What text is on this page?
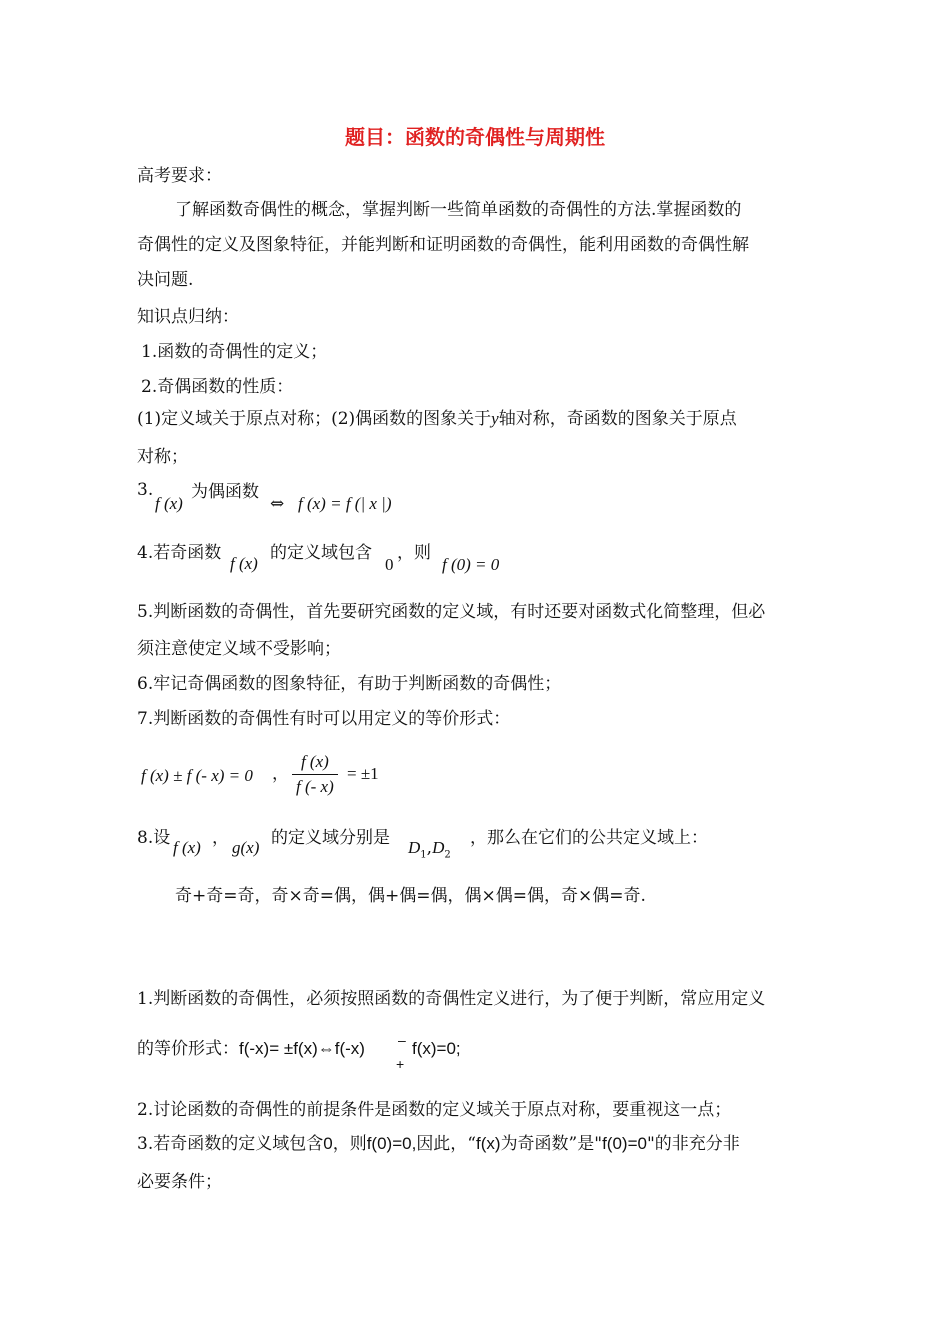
题目：函数的奇偶性与周期性
高考要求：
了解函数奇偶性的概念，掌握判断一些简单函数的奇偶性的方法.掌握函数的
奇偶性的定义及图象特征，并能判断和证明函数的奇偶性，能利用函数的奇偶性解
决问题.
知识点归纳：
1.函数的奇偶性的定义；
2.奇偶函数的性质：
(1)定义域关于原点对称；(2)偶函数的图象关于y轴对称，奇函数的图象关于原点
对称；
3.
f (x)
为偶函数
⇔ f (x) = f (| x |)
4.若奇函数
f (x)
的定义域包含
0
，则
f (0) = 0
5.判断函数的奇偶性，首先要研究函数的定义域，有时还要对函数式化简整理，但必
须注意使定义域不受影响；
6.牢记奇偶函数的图象特征，有助于判断函数的奇偶性；
7.判断函数的奇偶性有时可以用定义的等价形式：
f (x) ± f (- x) = 0 ， $\frac{f (x)}{f (- x)} = \pm 1$
8.设 f (x) ， g(x) 的定义域分别是 $D_1,D_2$
，那么在它们的公共定义域上：
奇+奇=奇，奇×奇=偶，偶+偶=偶，偶×偶=偶，奇×偶=奇.
1.判断函数的奇偶性，必须按照函数的奇偶性定义进行，为了便于判断，常应用定义
的等价形式：f(-x)= ±f(x)⇔f(-x) –
+
f(x)=0;
2.讨论函数的奇偶性的前提条件是函数的定义域关于原点对称，要重视这一点；
3.若奇函数的定义域包含0，则f(0)=0,因此，“f(x)为奇函数”是"f(0)=0"的非充分非
必要条件；
